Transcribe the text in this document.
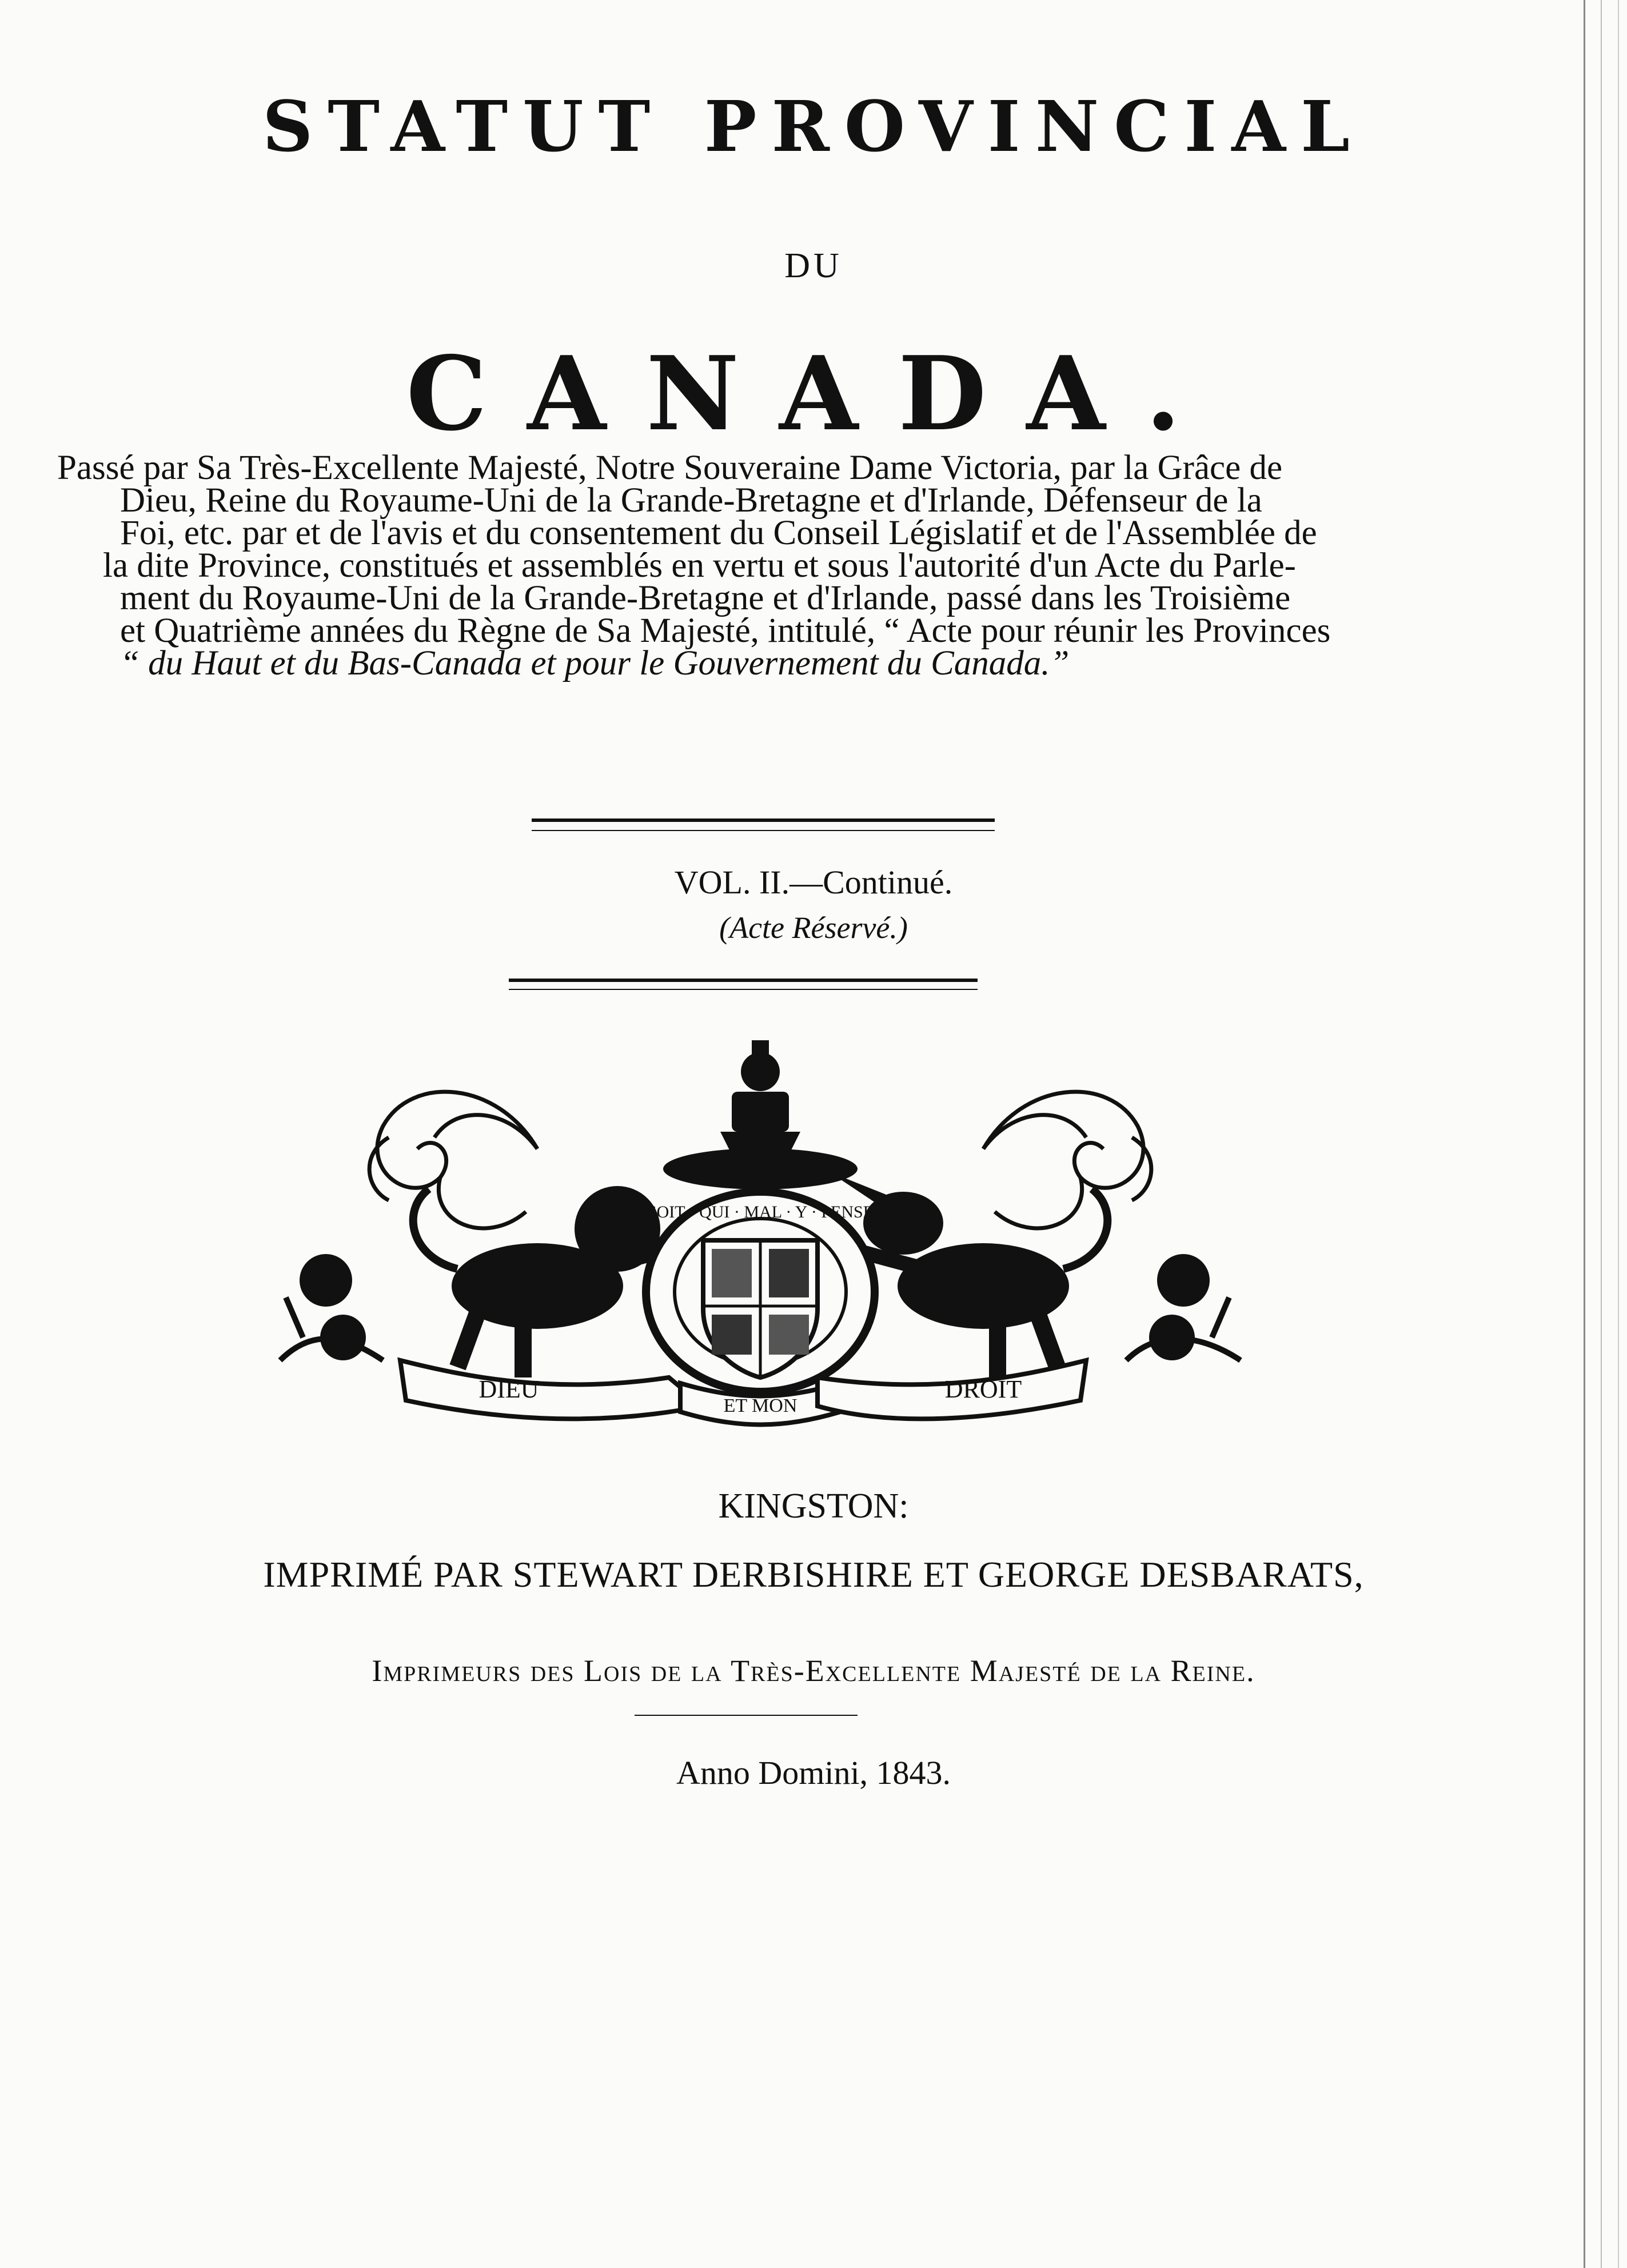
STATUT PROVINCIAL
DU
CANADA.
Passé par Sa Très-Excellente Majesté, Notre Souveraine Dame Victoria, par la Grâce de
Dieu, Reine du Royaume-Uni de la Grande-Bretagne et d'Irlande, Défenseur de la
Foi, etc. par et de l'avis et du consentement du Conseil Législatif et de l'Assemblée de
la dite Province, constitués et assemblés en vertu et sous l'autorité d'un Acte du Parle-
ment du Royaume-Uni de la Grande-Bretagne et d'Irlande, passé dans les Troisième
et Quatrième années du Règne de Sa Majesté, intitulé, “ Acte pour réunir les Provinces
“ du Haut et du Bas-Canada et pour le Gouvernement du Canada.”
VOL. II.—Continué.
(Acte Réservé.)
SOIT · QUI · MAL · Y · PENSE
DIEU
ET MON
DROIT
KINGSTON:
IMPRIMÉ PAR STEWART DERBISHIRE ET GEORGE DESBARATS,
Imprimeurs des Lois de la Très-Excellente Majesté de la Reine.
Anno Domini, 1843.
